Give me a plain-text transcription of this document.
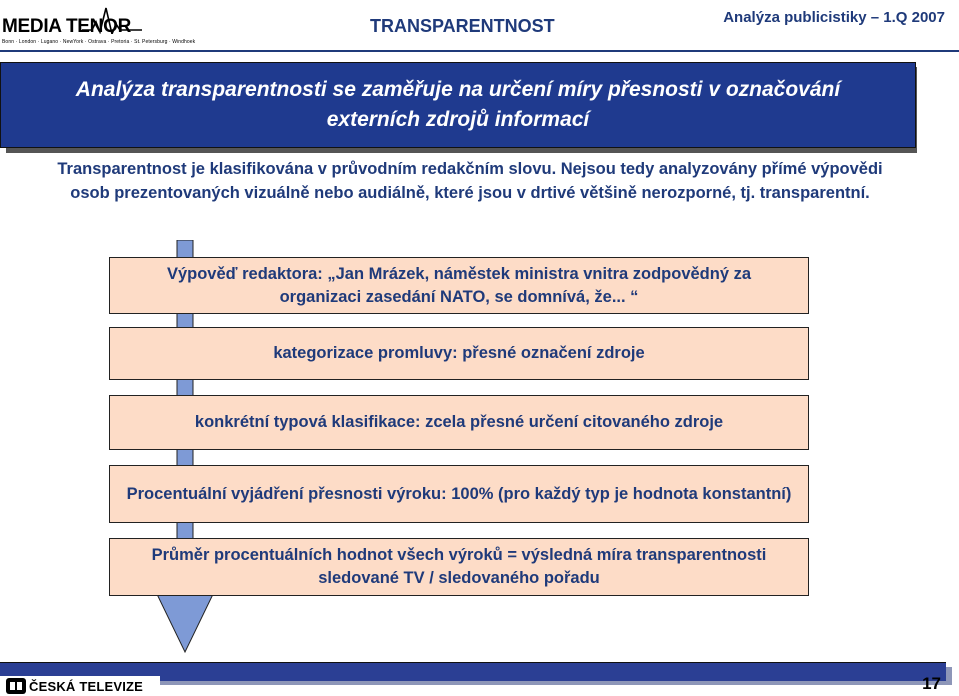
MEDIA TENOR
Bonn · London · Lugano · NewYork · Ostrava · Pretoria · St. Petersburg · Windhoek
TRANSPARENTNOST	Analýza publicistiky – 1.Q 2007
Analýza transparentnosti se zaměřuje na určení míry přesnosti v označování externích zdrojů informací
Transparentnost je klasifikována v průvodním redakčním slovu. Nejsou tedy analyzovány přímé výpovědi osob prezentovaných vizuálně nebo audiálně, které jsou v drtivé většině nerozporné, tj. transparentní.
Výpověď redaktora: „Jan Mrázek, náměstek ministra vnitra zodpovědný za organizaci zasedání NATO, se domnívá, že... “
kategorizace promluvy: přesné označení zdroje
konkrétní typová klasifikace: zcela přesné určení citovaného zdroje
Procentuální vyjádření přesnosti výroku: 100% (pro každý typ je hodnota konstantní)
Průměr procentuálních hodnot všech výroků = výsledná míra transparentnosti sledované TV / sledovaného pořadu
ČESKÁ TELEVIZE	17
